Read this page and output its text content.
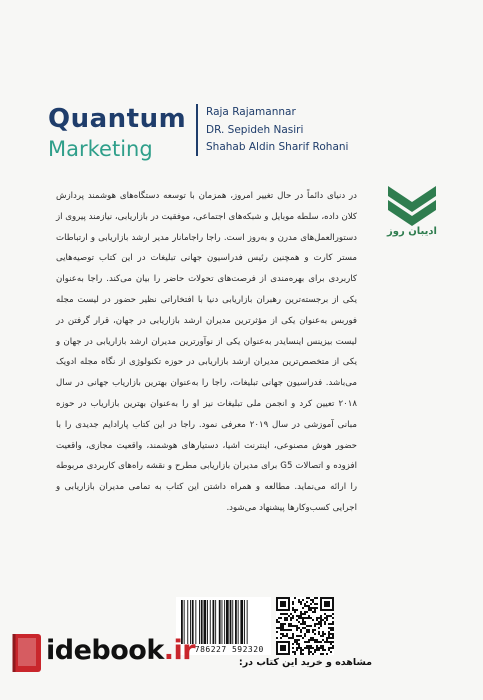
Quantum
Marketing
Raja Rajamannar
DR. Sepideh Nasiri
Shahab Aldin Sharif Rohani
ادیبان روز
در دنیای دائماً در حال تغییر امروز، همزمان با توسعه دستگاه‌های هوشمند پردازش کلان داده، سلطه موبایل و شبکه‌های اجتماعی، موفقیت در بازاریابی، نیازمند پیروی از دستورالعمل‌های مدرن و به‌روز است. راجا راجامانار مدیر ارشد بازاریابی و ارتباطات مستر کارت و همچنین رئیس فدراسیون جهانی تبلیغات در این کتاب توصیه‌هایی کاربردی برای بهره‌مندی از فرصت‌های تحولات حاضر را بیان می‌کند. راجا به‌عنوان یکی از برجسته‌ترین رهبران بازاریابی دنیا با افتخاراتی نظیر حضور در لیست مجله فوربس به‌عنوان یکی از مؤثرترین مدیران ارشد بازاریابی در جهان، قرار گرفتن در لیست بیزینس اینسایدر به‌عنوان یکی از نوآورترین مدیران ارشد بازاریابی در جهان و یکی از متخصص‌ترین مدیران ارشد بازاریابی در حوزه تکنولوژی از نگاه مجله ادویک می‌باشد. فدراسیون جهانی تبلیغات، راجا را به‌عنوان بهترین بازاریاب جهانی در سال ۲۰۱۸ تعیین کرد و انجمن ملی تبلیغات نیز او را به‌عنوان بهترین بازاریاب در حوزه مبانی آموزشی در سال ۲۰۱۹ معرفی نمود. راجا در این کتاب پارادایم جدیدی را با حضور هوش مصنوعی، اینترنت اشیا، دستیارهای هوشمند، واقعیت مجازی، واقعیت افزوده و اتصالات G5 برای مدیران بازاریابی مطرح و نقشه راه‌های کاربردی مربوطه را ارائه می‌نماید. مطالعه و همراه داشتن این کتاب به تمامی مدیران بازاریابی و اجرایی کسب‌وکارها پیشنهاد می‌شود.
9 786227 592320
مشاهده و خرید این کتاب در:
idebook.ir
